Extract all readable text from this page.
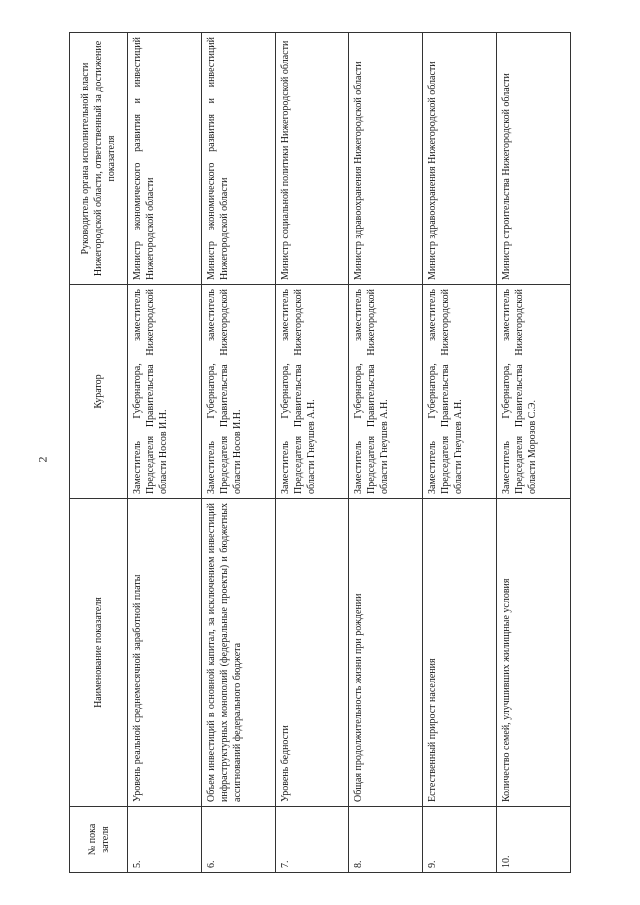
2
№ пока зателя	Наименование показателя	Куратор	Руководитель органа исполнительной власти Нижегородской области, ответственный за достижение показателя
5.	Уровень реальной среднемесячной заработной платы	Заместитель Губернатора, заместитель Председателя Правительства Нижегородской области Носов И.Н.	Министр экономического развития и инвестиций Нижегородской области
6.	Объем инвестиций в основной капитал, за исключением инвестиций инфраструктурных монополий (федеральные проекты) и бюджетных ассигнований федерального бюджета	Заместитель Губернатора, заместитель Председателя Правительства Нижегородской области Носов И.Н.	Министр экономического развития и инвестиций Нижегородской области
7.	Уровень бедности	Заместитель Губернатора, заместитель Председателя Правительства Нижегородской области Гнеушев А.Н.	Министр социальной политики Нижегородской области
8.	Общая продолжительность жизни при рождении	Заместитель Губернатора, заместитель Председателя Правительства Нижегородской области Гнеушев А.Н.	Министр здравоохранения Нижегородской области
9.	Естественный прирост населения	Заместитель Губернатора, заместитель Председателя Правительства Нижегородской области Гнеушев А.Н.	Министр здравоохранения Нижегородской области
10.	Количество семей, улучшивших жилищные условия	Заместитель Губернатора, заместитель Председателя Правительства Нижегородской области Морозов С.Э.	Министр строительства Нижегородской области
